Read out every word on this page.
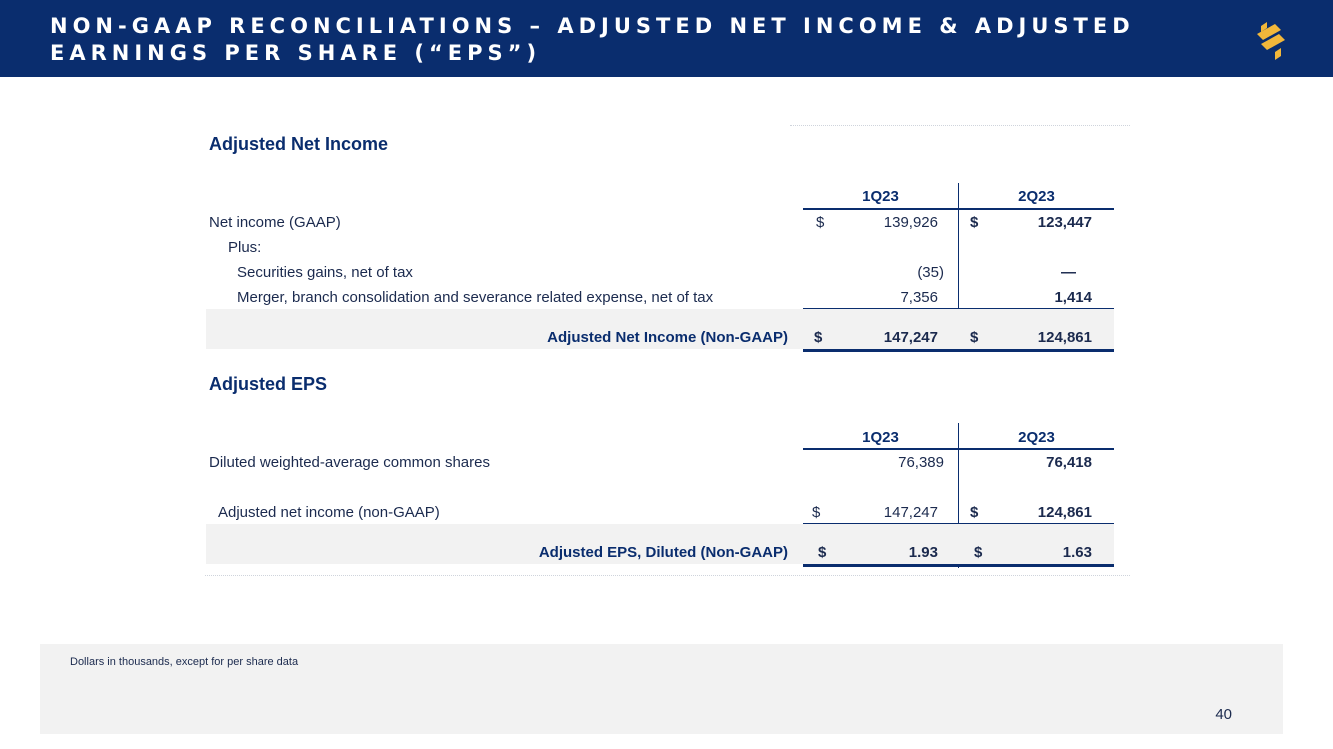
NON-GAAP RECONCILIATIONS – ADJUSTED NET INCOME & ADJUSTED EARNINGS PER SHARE (“EPS”)
Adjusted Net Income
1Q23	2Q23
Net income (GAAP)	$	139,926 $	123,447
Plus:
Securities gains, net of tax	(35)	—
Merger, branch consolidation and severance related expense, net of tax	7,356	1,414
Adjusted Net Income (Non-GAAP) $	147,247 $	124,861
Adjusted EPS
1Q23	2Q23
Diluted weighted-average common shares	76,389	76,418
Adjusted net income (non-GAAP)	$	147,247 $	124,861
Adjusted EPS, Diluted (Non-GAAP) $	1.93 $	1.63
Dollars in thousands, except for per share data
40
